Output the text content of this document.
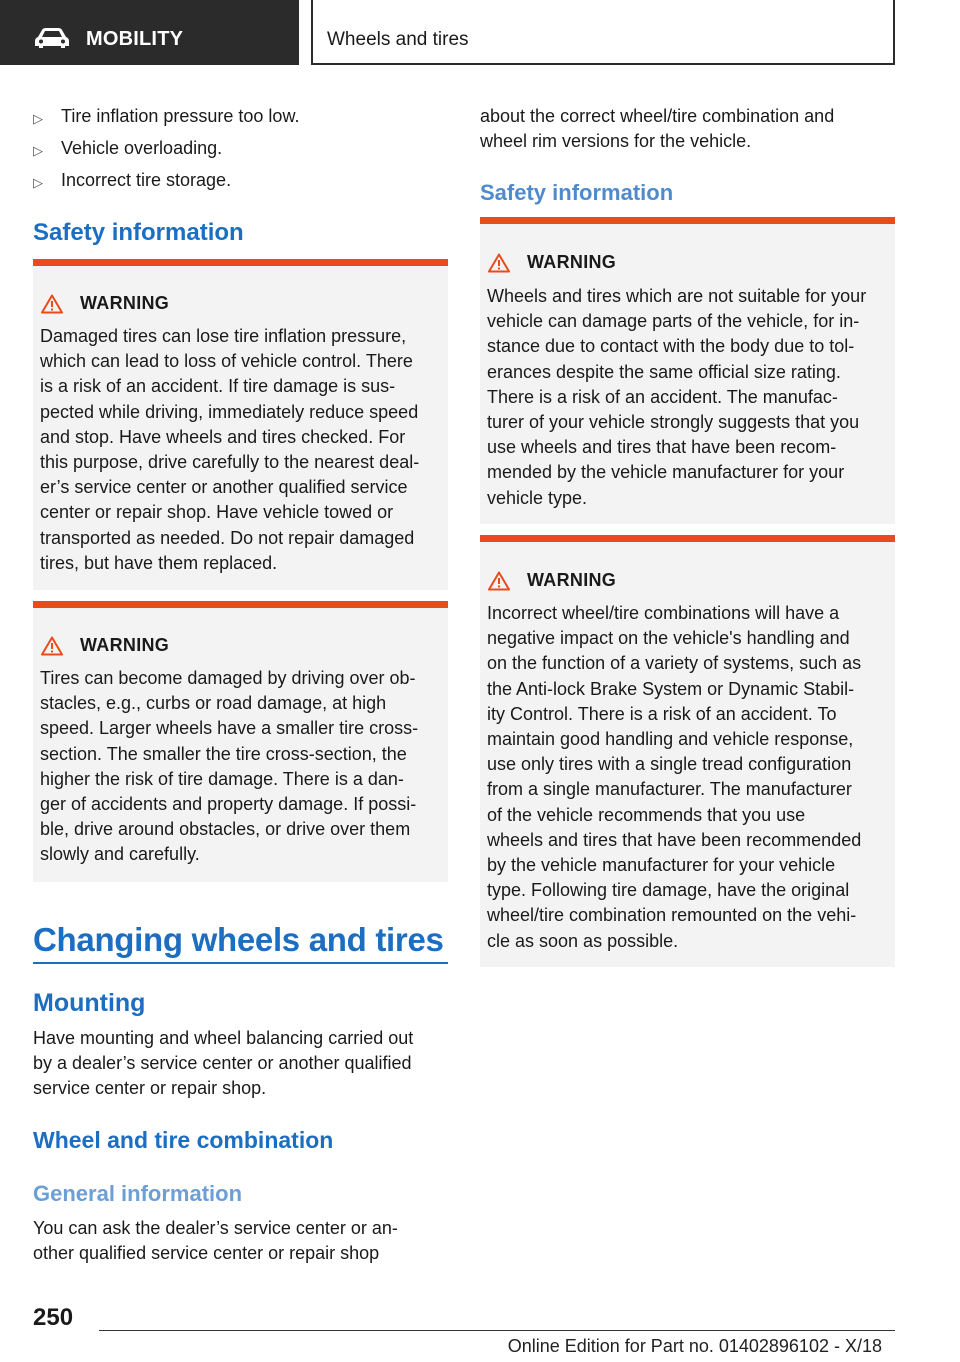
MOBILITY	Wheels and tires
▷	Tire inflation pressure too low.
▷	Vehicle overloading.
▷	Incorrect tire storage.
Safety information
WARNING
Damaged tires can lose tire inflation pressure,
which can lead to loss of vehicle control. There
is a risk of an accident. If tire damage is sus‐
pected while driving, immediately reduce speed
and stop. Have wheels and tires checked. For
this purpose, drive carefully to the nearest deal‐
er’s service center or another qualified service
center or repair shop. Have vehicle towed or
transported as needed. Do not repair damaged
tires, but have them replaced.
WARNING
Tires can become damaged by driving over ob‐
stacles, e.g., curbs or road damage, at high
speed. Larger wheels have a smaller tire cross-
section. The smaller the tire cross-section, the
higher the risk of tire damage. There is a dan‐
ger of accidents and property damage. If possi‐
ble, drive around obstacles, or drive over them
slowly and carefully.
Changing wheels and tires
Mounting
Have mounting and wheel balancing carried out
by a dealer’s service center or another qualified
service center or repair shop.
Wheel and tire combination
General information
You can ask the dealer’s service center or an‐
other qualified service center or repair shop
about the correct wheel/tire combination and
wheel rim versions for the vehicle.
Safety information
WARNING
Wheels and tires which are not suitable for your
vehicle can damage parts of the vehicle, for in‐
stance due to contact with the body due to tol‐
erances despite the same official size rating.
There is a risk of an accident. The manufac‐
turer of your vehicle strongly suggests that you
use wheels and tires that have been recom‐
mended by the vehicle manufacturer for your
vehicle type.
WARNING
Incorrect wheel/tire combinations will have a
negative impact on the vehicle's handling and
on the function of a variety of systems, such as
the Anti-lock Brake System or Dynamic Stabil‐
ity Control. There is a risk of an accident. To
maintain good handling and vehicle response,
use only tires with a single tread configuration
from a single manufacturer. The manufacturer
of the vehicle recommends that you use
wheels and tires that have been recommended
by the vehicle manufacturer for your vehicle
type. Following tire damage, have the original
wheel/tire combination remounted on the vehi‐
cle as soon as possible.
250
Online Edition for Part no. 01402896102 - X/18
